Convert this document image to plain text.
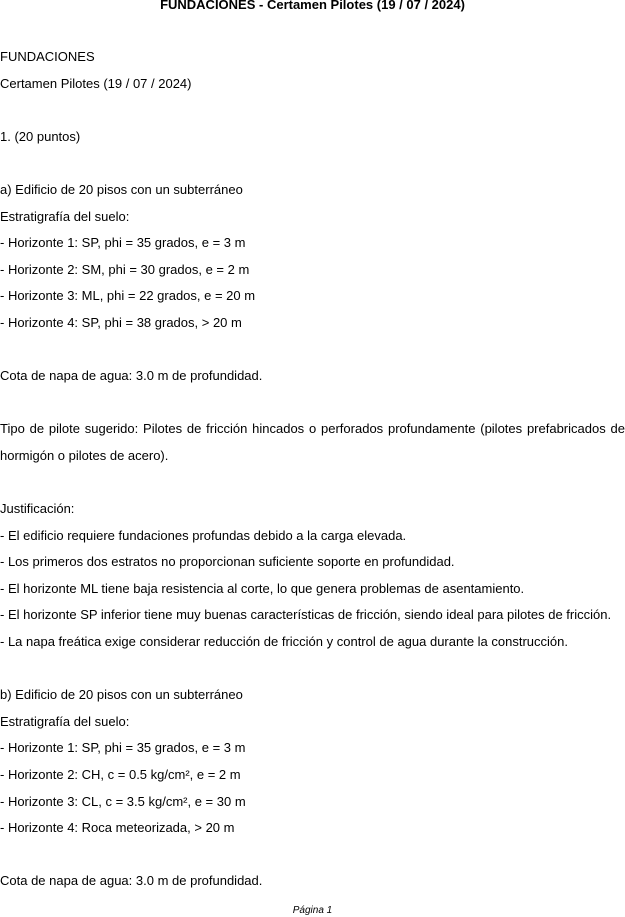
FUNDACIONES - Certamen Pilotes (19 / 07 / 2024)

FUNDACIONES

Certamen Pilotes (19 / 07 / 2024)

1. (20 puntos)

a) Edificio de 20 pisos con un subterráneo

Estratigrafía del suelo:

- Horizonte 1: SP, phi = 35 grados, e = 3 m

- Horizonte 2: SM, phi = 30 grados, e = 2 m

- Horizonte 3: ML, phi = 22 grados, e = 20 m

- Horizonte 4: SP, phi = 38 grados, > 20 m

Cota de napa de agua: 3.0 m de profundidad.

Tipo de pilote sugerido: Pilotes de fricción hincados o perforados profundamente (pilotes prefabricados de hormigón o pilotes de acero).

Justificación:

- El edificio requiere fundaciones profundas debido a la carga elevada.

- Los primeros dos estratos no proporcionan suficiente soporte en profundidad.

- El horizonte ML tiene baja resistencia al corte, lo que genera problemas de asentamiento.

- El horizonte SP inferior tiene muy buenas características de fricción, siendo ideal para pilotes de fricción.

- La napa freática exige considerar reducción de fricción y control de agua durante la construcción.

b) Edificio de 20 pisos con un subterráneo

Estratigrafía del suelo:

- Horizonte 1: SP, phi = 35 grados, e = 3 m

- Horizonte 2: CH, c = 0.5 kg/cm², e = 2 m

- Horizonte 3: CL, c = 3.5 kg/cm², e = 30 m

- Horizonte 4: Roca meteorizada, > 20 m

Cota de napa de agua: 3.0 m de profundidad.

Página 1
